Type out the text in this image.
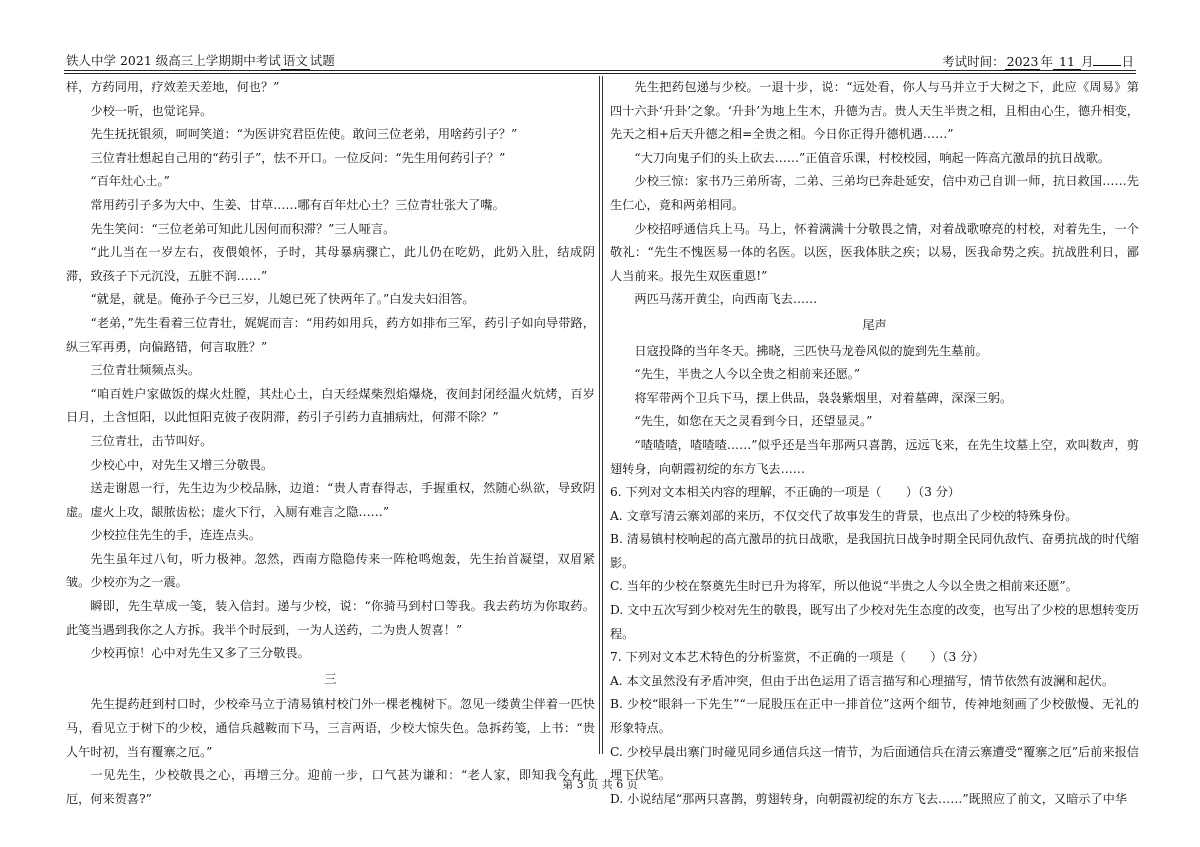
铁人中学 2021 级高三上学期期中考试 语文 试题	考试时间： 2023 年 11 月 日

样，方药同用，疗效差天差地，何也？”

少校一听，也觉诧异。

先生抚抚银须，呵呵笑道：“为医讲究君臣佐使。敢问三位老弟，用啥药引子？”

三位青壮想起自己用的“药引子”，怯不开口。一位反问：“先生用何药引子？”

“百年灶心土。”

常用药引子多为大中、生姜、甘草……哪有百年灶心土？三位青壮张大了嘴。

先生笑问：“三位老弟可知此儿因何而积滞？”三人哑言。

“此儿当在一岁左右，夜偎娘怀，子时，其母暴病骤亡，此儿仍在吃奶，此奶入肚，结成阴滞，致孩子下元沉没，五脏不润……”

“就是，就是。俺孙子今已三岁，儿媳已死了快两年了。”白发夫妇泪答。

“老弟，”先生看着三位青壮，娓娓而言：“用药如用兵，药方如排布三军，药引子如向导带路，纵三军再勇，向偏路错，何言取胜？”

三位青壮频频点头。

“咱百姓户家做饭的煤火灶膛，其灶心土，白天经煤柴烈焰爆烧，夜间封闭经温火炕烤，百岁日月，土含恒阳，以此恒阳克彼子夜阴滞，药引子引药力直捕病灶，何滞不除？”

三位青壮，击节叫好。

少校心中，对先生又增三分敬畏。

送走谢恩一行，先生边为少校品脉，边道：“贵人青春得志，手握重权，然随心纵欲，导致阴虚。虚火上攻，龈脓齿松；虚火下行，入厕有难言之隐……”

少校拉住先生的手，连连点头。

先生虽年过八旬，听力极神。忽然，西南方隐隐传来一阵枪鸣炮轰，先生抬首凝望，双眉紧皱。少校亦为之一震。

瞬即，先生草成一笺，装入信封。递与少校，说：“你骑马到村口等我。我去药坊为你取药。此笺当遇到我你之人方拆。我半个时辰到，一为人送药，二为贵人贺喜！”

少校再惊！心中对先生又多了三分敬畏。

三

先生提药赶到村口时，少校牵马立于清易镇村校门外一棵老槐树下。忽见一缕黄尘伴着一匹快马，看见立于树下的少校，通信兵越鞍而下马，三言两语，少校大惊失色。急拆药笺，上书：“贵人午时初，当有覆寨之厄。”

一见先生，少校敬畏之心，再增三分。迎前一步，口气甚为谦和：“老人家，即知我今有此厄，何来贺喜?”

先生把药包递与少校。一退十步，说：“远处看，你人与马并立于大树之下，此应《周易》第四十六卦‘升卦’之象。‘升卦’为地上生木，升德为吉。贵人天生半贵之相，且相由心生，德升相变，先天之相+后天升德之相=全贵之相。今日你正得升德机遇……”

“大刀向鬼子们的头上砍去……”正值音乐课，村校校园，响起一阵高亢激昂的抗日战歌。

少校三惊：家书乃三弟所寄，二弟、三弟均已奔赴延安，信中劝己自训一师，抗日救国……先生仁心，竟和两弟相同。

少校招呼通信兵上马。马上，怀着满满十分敬畏之情，对着战歌嘹亮的村校，对着先生，一个敬礼：“先生不愧医易一体的名医。以医，医我体肤之疾；以易，医我命势之疾。抗战胜利日，鄙人当前来。报先生双医重恩!”

两匹马荡开黄尘，向西南飞去……

尾声

日寇投降的当年冬天。拂晓，三匹快马龙卷风似的旋到先生墓前。

“先生，半贵之人今以全贵之相前来还愿。”

将军带两个卫兵下马，摆上供品，袅袅紫烟里，对着墓碑，深深三躬。

“先生，如您在天之灵看到今日，还望显灵。”

“喳喳喳，喳喳喳……”似乎还是当年那两只喜鹊，远远飞来，在先生坟墓上空，欢叫数声，剪翅转身，向朝霞初绽的东方飞去……

6. 下列对文本相关内容的理解，不正确的一项是（　　）（3 分）

A. 文章写清云寨刘部的来历，不仅交代了故事发生的背景，也点出了少校的特殊身份。

B. 清易镇村校响起的高亢激昂的抗日战歌，是我国抗日战争时期全民同仇敌忾、奋勇抗战的时代缩影。

C. 当年的少校在祭奠先生时已升为将军，所以他说“半贵之人今以全贵之相前来还愿”。

D. 文中五次写到少校对先生的敬畏，既写出了少校对先生态度的改变，也写出了少校的思想转变历程。

7. 下列对文本艺术特色的分析鉴赏，不正确的一项是（　　）（3 分）

A. 本文虽然没有矛盾冲突，但由于出色运用了语言描写和心理描写，情节依然有波澜和起伏。

B. 少校“眼斜一下先生”“一屁股压在正中一排首位”这两个细节，传神地刻画了少校傲慢、无礼的形象特点。

C. 少校早晨出寨门时碰见同乡通信兵这一情节，为后面通信兵在清云寨遭受“覆寨之厄”后前来报信埋下伏笔。

D. 小说结尾“那两只喜鹊，剪翅转身，向朝霞初绽的东方飞去……”既照应了前文，又暗示了中华

第 3 页 共 6 页
